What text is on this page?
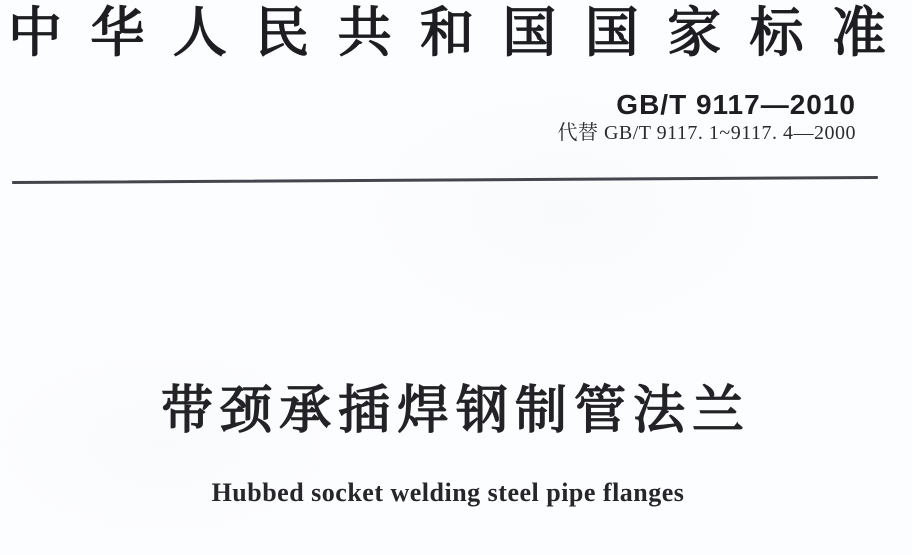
中 华 人 民 共 和 国 国 家 标 准
GB/T 9117—2010
代替 GB/T 9117. 1~9117. 4—2000
带颈承插焊钢制管法兰
Hubbed socket welding steel pipe flanges
